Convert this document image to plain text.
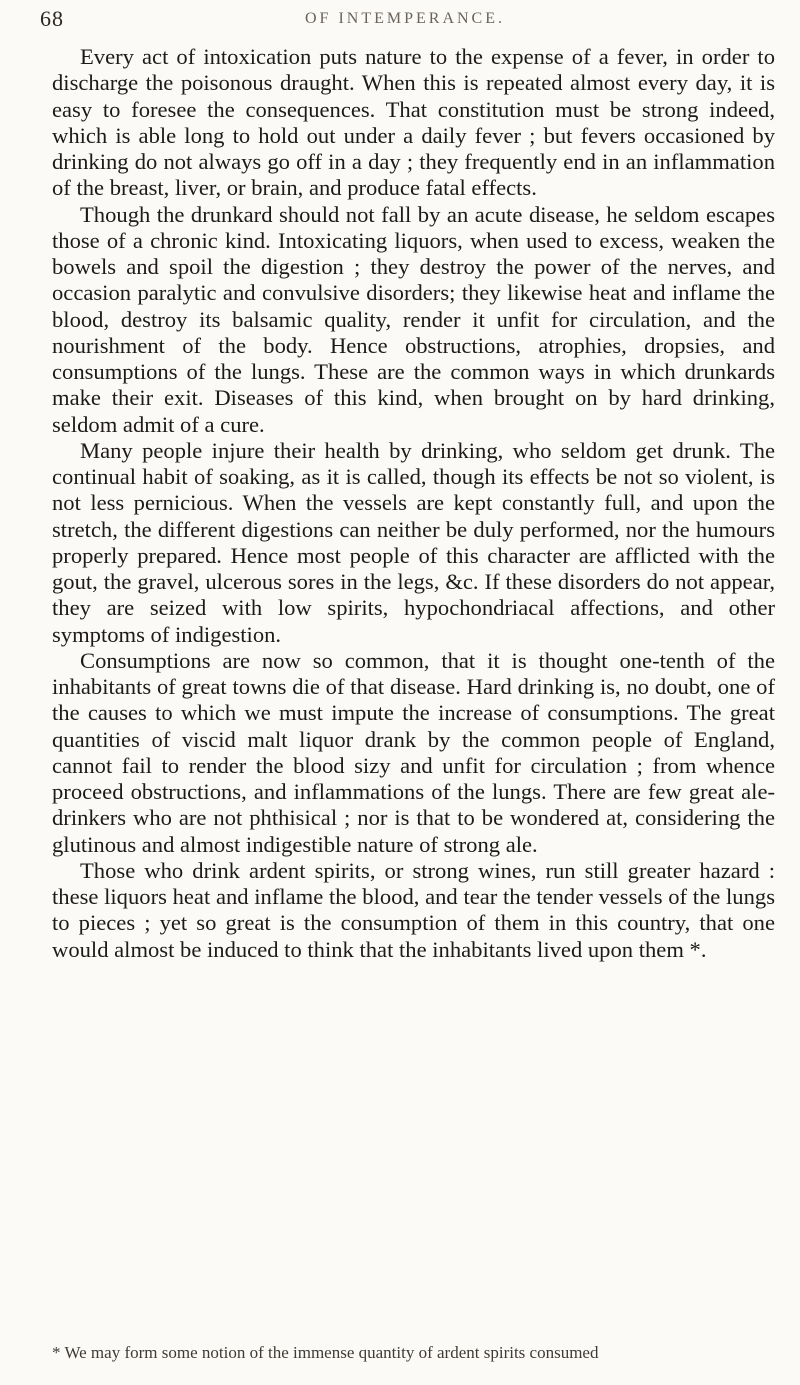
68	OF INTEMPERANCE.

Every act of intoxication puts nature to the expense of a fever, in order to discharge the poisonous draught. When this is repeated almost every day, it is easy to foresee the consequences. That constitution must be strong indeed, which is able long to hold out under a daily fever ; but fevers occasioned by drinking do not always go off in a day ; they frequently end in an inflammation of the breast, liver, or brain, and produce fatal effects.

Though the drunkard should not fall by an acute disease, he seldom escapes those of a chronic kind. Intoxicating liquors, when used to excess, weaken the bowels and spoil the digestion ; they destroy the power of the nerves, and occasion paralytic and convulsive disorders; they likewise heat and inflame the blood, destroy its balsamic quality, render it unfit for circulation, and the nourishment of the body. Hence obstructions, atrophies, dropsies, and consumptions of the lungs. These are the common ways in which drunkards make their exit. Diseases of this kind, when brought on by hard drinking, seldom admit of a cure.

Many people injure their health by drinking, who seldom get drunk. The continual habit of soaking, as it is called, though its effects be not so violent, is not less pernicious. When the vessels are kept constantly full, and upon the stretch, the different digestions can neither be duly performed, nor the humours properly prepared. Hence most people of this character are afflicted with the gout, the gravel, ulcerous sores in the legs, &c. If these disorders do not appear, they are seized with low spirits, hypochondriacal affections, and other symptoms of indigestion.

Consumptions are now so common, that it is thought one-tenth of the inhabitants of great towns die of that disease. Hard drinking is, no doubt, one of the causes to which we must impute the increase of consumptions. The great quantities of viscid malt liquor drank by the common people of England, cannot fail to render the blood sizy and unfit for circulation ; from whence proceed obstructions, and inflammations of the lungs. There are few great ale-drinkers who are not phthisical ; nor is that to be wondered at, considering the glutinous and almost indigestible nature of strong ale.

Those who drink ardent spirits, or strong wines, run still greater hazard : these liquors heat and inflame the blood, and tear the tender vessels of the lungs to pieces ; yet so great is the consumption of them in this country, that one would almost be induced to think that the inhabitants lived upon them *.

* We may form some notion of the immense quantity of ardent spirits consumed
